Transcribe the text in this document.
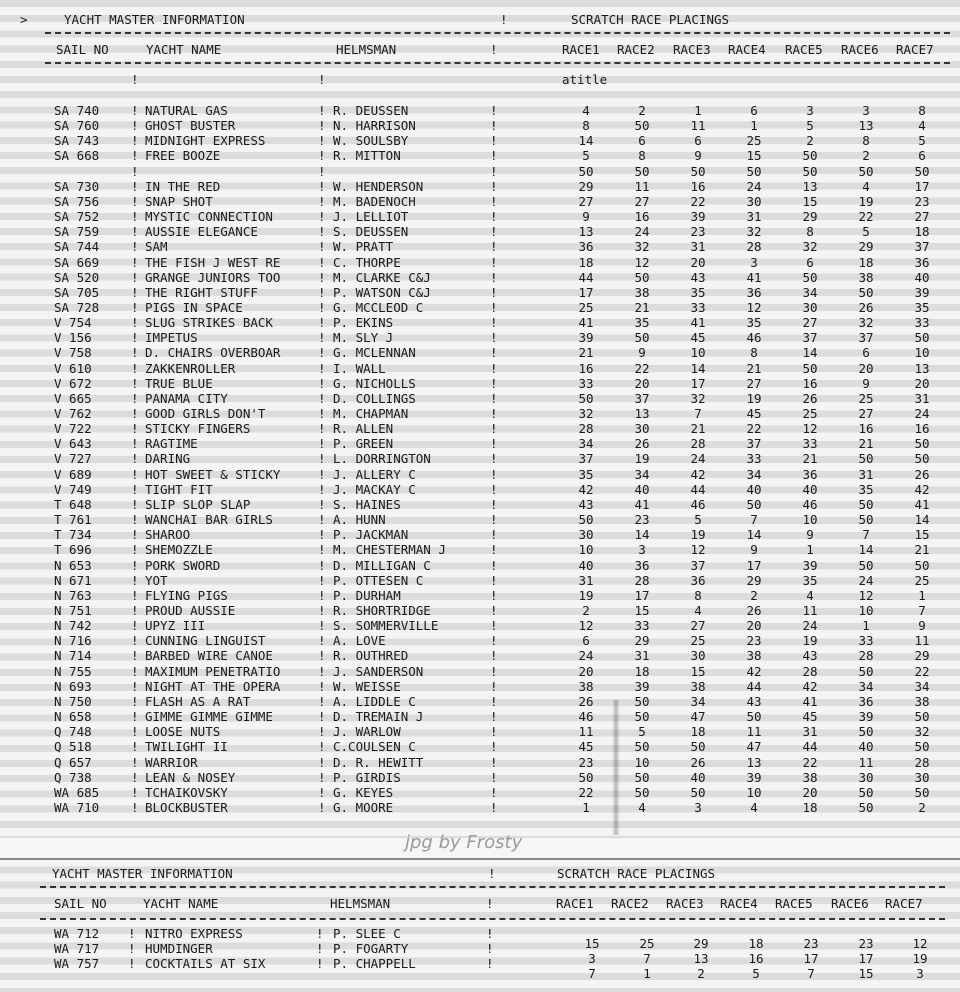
>

	YACHT MASTER INFORMATION

	!

	SCRATCH RACE PLACINGS

SAIL NO

	YACHT NAME

	HELMSMAN

	!

	RACE1 RACE2 RACE3 RACE4 RACE5 RACE6 RACE7

!

	!

	atitle

SA 740	! NATURAL GAS	! R. DEUSSEN	!	4	2	1	6	3	3	8
SA 760	! GHOST BUSTER	! N. HARRISON	!	8	50	11	1	5	13	4
SA 743	! MIDNIGHT EXPRESS	! W. SOULSBY	!	14	6	6	25	2	8	5
SA 668	! FREE BOOZE	! R. MITTON	!	5	8	9	15	50	2	6
!	!	!	50	50	50	50	50	50	50
SA 730	! IN THE RED	! W. HENDERSON	!	29	11	16	24	13	4	17
SA 756	! SNAP SHOT	! M. BADENOCH	!	27	27	22	30	15	19	23
SA 752	! MYSTIC CONNECTION	! J. LELLIOT	!	9	16	39	31	29	22	27
SA 759	! AUSSIE ELEGANCE	! S. DEUSSEN	!	13	24	23	32	8	5	18
SA 744	! SAM	! W. PRATT	!	36	32	31	28	32	29	37
SA 669	! THE FISH J WEST RE	! C. THORPE	!	18	12	20	3	6	18	36
SA 520	! GRANGE JUNIORS TOO	! M. CLARKE C&J	!	44	50	43	41	50	38	40
SA 705	! THE RIGHT STUFF	! P. WATSON C&J	!	17	38	35	36	34	50	39
SA 728	! PIGS IN SPACE	! G. MCCLEOD C	!	25	21	33	12	30	26	35
V 754	! SLUG STRIKES BACK	! P. EKINS	!	41	35	41	35	27	32	33
V 156	! IMPETUS	! M. SLY J	!	39	50	45	46	37	37	50
V 758	! D. CHAIRS OVERBOAR	! G. MCLENNAN	!	21	9	10	8	14	6	10
V 610	! ZAKKENROLLER	! I. WALL	!	16	22	14	21	50	20	13
V 672	! TRUE BLUE	! G. NICHOLLS	!	33	20	17	27	16	9	20
V 665	! PANAMA CITY	! D. COLLINGS	!	50	37	32	19	26	25	31
V 762	! GOOD GIRLS DON'T	! M. CHAPMAN	!	32	13	7	45	25	27	24
V 722	! STICKY FINGERS	! R. ALLEN	!	28	30	21	22	12	16	16
V 643	! RAGTIME	! P. GREEN	!	34	26	28	37	33	21	50
V 727	! DARING	! L. DORRINGTON	!	37	19	24	33	21	50	50
V 689	! HOT SWEET & STICKY	! J. ALLERY C	!	35	34	42	34	36	31	26
V 749	! TIGHT FIT	! J. MACKAY C	!	42	40	44	40	40	35	42
T 648	! SLIP SLOP SLAP	! S. HAINES	!	43	41	46	50	46	50	41
T 761	! WANCHAI BAR GIRLS	! A. HUNN	!	50	23	5	7	10	50	14
T 734	! SHAROO	! P. JACKMAN	!	30	14	19	14	9	7	15
T 696	! SHEMOZZLE	! M. CHESTERMAN J	!	10	3	12	9	1	14	21
N 653	! PORK SWORD	! D. MILLIGAN C	!	40	36	37	17	39	50	50
N 671	! YOT	! P. OTTESEN C	!	31	28	36	29	35	24	25
N 763	! FLYING PIGS	! P. DURHAM	!	19	17	8	2	4	12	1
N 751	! PROUD AUSSIE	! R. SHORTRIDGE	!	2	15	4	26	11	10	7
N 742	! UPYZ III	! S. SOMMERVILLE	!	12	33	27	20	24	1	9
N 716	! CUNNING LINGUIST	! A. LOVE	!	6	29	25	23	19	33	11
N 714	! BARBED WIRE CANOE	! R. OUTHRED	!	24	31	30	38	43	28	29
N 755	! MAXIMUM PENETRATIO	! J. SANDERSON	!	20	18	15	42	28	50	22
N 693	! NIGHT AT THE OPERA	! W. WEISSE	!	38	39	38	44	42	34	34
N 750	! FLASH AS A RAT	! A. LIDDLE C	!	26	50	34	43	41	36	38
N 658	! GIMME GIMME GIMME	! D. TREMAIN J	!	46	50	47	50	45	39	50
Q 748	! LOOSE NUTS	! J. WARLOW	!	11	5	18	11	31	50	32
Q 518	! TWILIGHT II	! C.COULSEN C	!	45	50	50	47	44	40	50
Q 657	! WARRIOR	! D. R. HEWITT	!	23	10	26	13	22	11	28
Q 738	! LEAN & NOSEY	! P. GIRDIS	!	50	50	40	39	38	30	30
WA 685	! TCHAIKOVSKY	! G. KEYES	!	22	50	50	10	20	50	50
WA 710	! BLOCKBUSTER	! G. MOORE	!	1	4	3	4	18	50	2
jpg by Frosty

YACHT MASTER INFORMATION

	!

	SCRATCH RACE PLACINGS

SAIL NO

	YACHT NAME

	HELMSMAN

	!

	RACE1 RACE2 RACE3 RACE4 RACE5 RACE6 RACE7

WA 712 ! NITRO EXPRESS	! P. SLEE C	!
WA 717 ! HUMDINGER	! P. FOGARTY	!
WA 757 ! COCKTAILS AT SIX	! P. CHAPPELL	!
15	25	29	18	23	23	12
3	7	13	16	17	17	19
7	1	2	5	7	15	3
